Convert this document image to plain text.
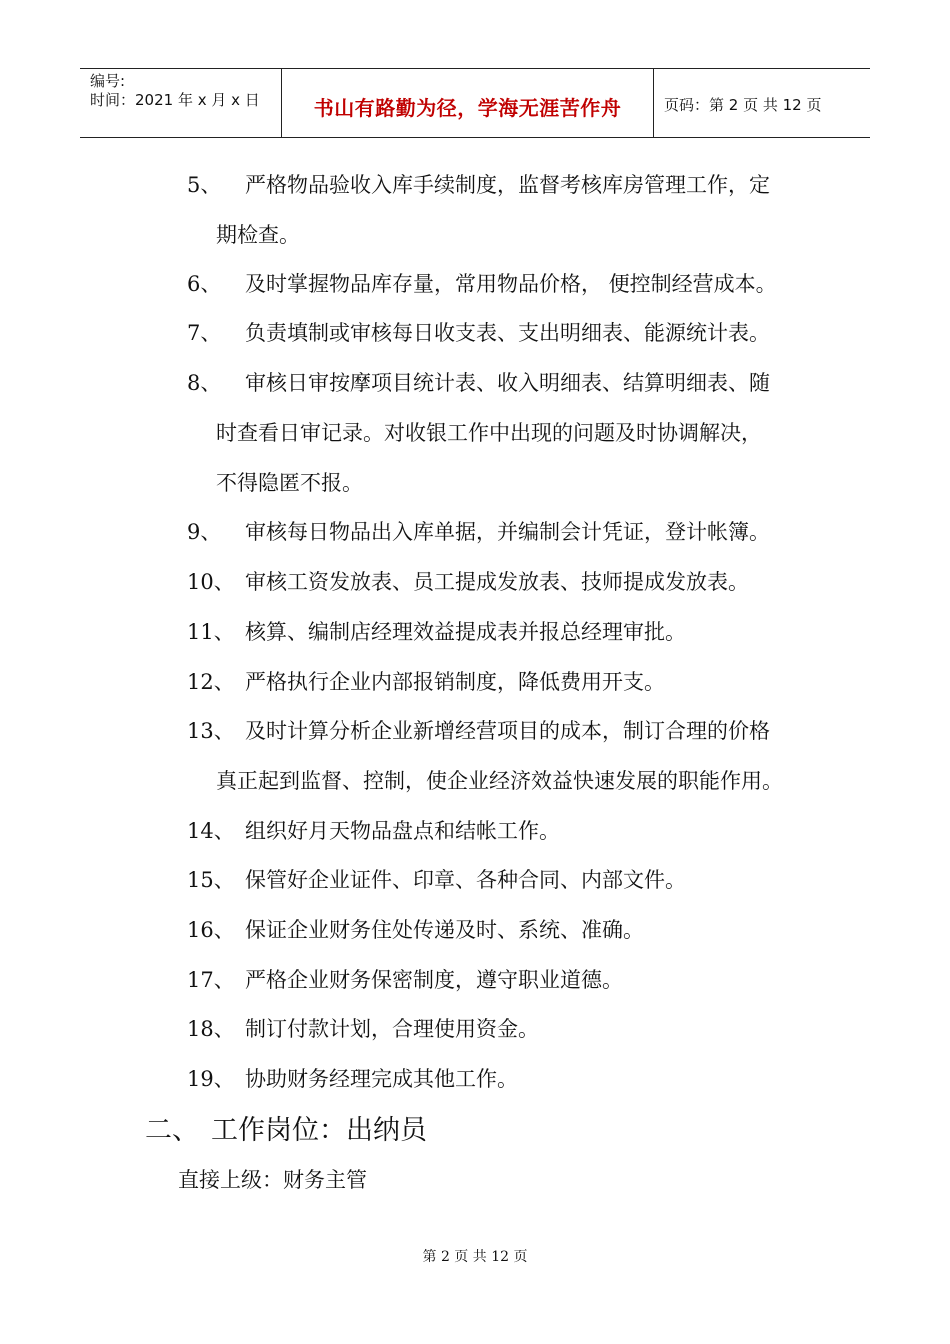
编号:
时间：2021 年 x 月 x 日	书山有路勤为径，学海无涯苦作舟	页码：第 2 页 共 12 页
5、 严格物品验收入库手续制度，监督考核库房管理工作，定
期检查。
6、 及时掌握物品库存量，常用物品价格， 便控制经营成本。
7、 负责填制或审核每日收支表、支出明细表、能源统计表。
8、 审核日审按摩项目统计表、收入明细表、结算明细表、随
时查看日审记录。对收银工作中出现的问题及时协调解决，
不得隐匿不报。
9、 审核每日物品出入库单据，并编制会计凭证，登计帐簿。
10、 审核工资发放表、员工提成发放表、技师提成发放表。
11、 核算、编制店经理效益提成表并报总经理审批。
12、 严格执行企业内部报销制度，降低费用开支。
13、 及时计算分析企业新增经营项目的成本，制订合理的价格
真正起到监督、控制，使企业经济效益快速发展的职能作用。
14、 组织好月天物品盘点和结帐工作。
15、 保管好企业证件、印章、各种合同、内部文件。
16、 保证企业财务住处传递及时、系统、准确。
17、 严格企业财务保密制度，遵守职业道德。
18、 制订付款计划，合理使用资金。
19、 协助财务经理完成其他工作。
二、 工作岗位：出纳员
直接上级：财务主管
第 2 页 共 12 页
